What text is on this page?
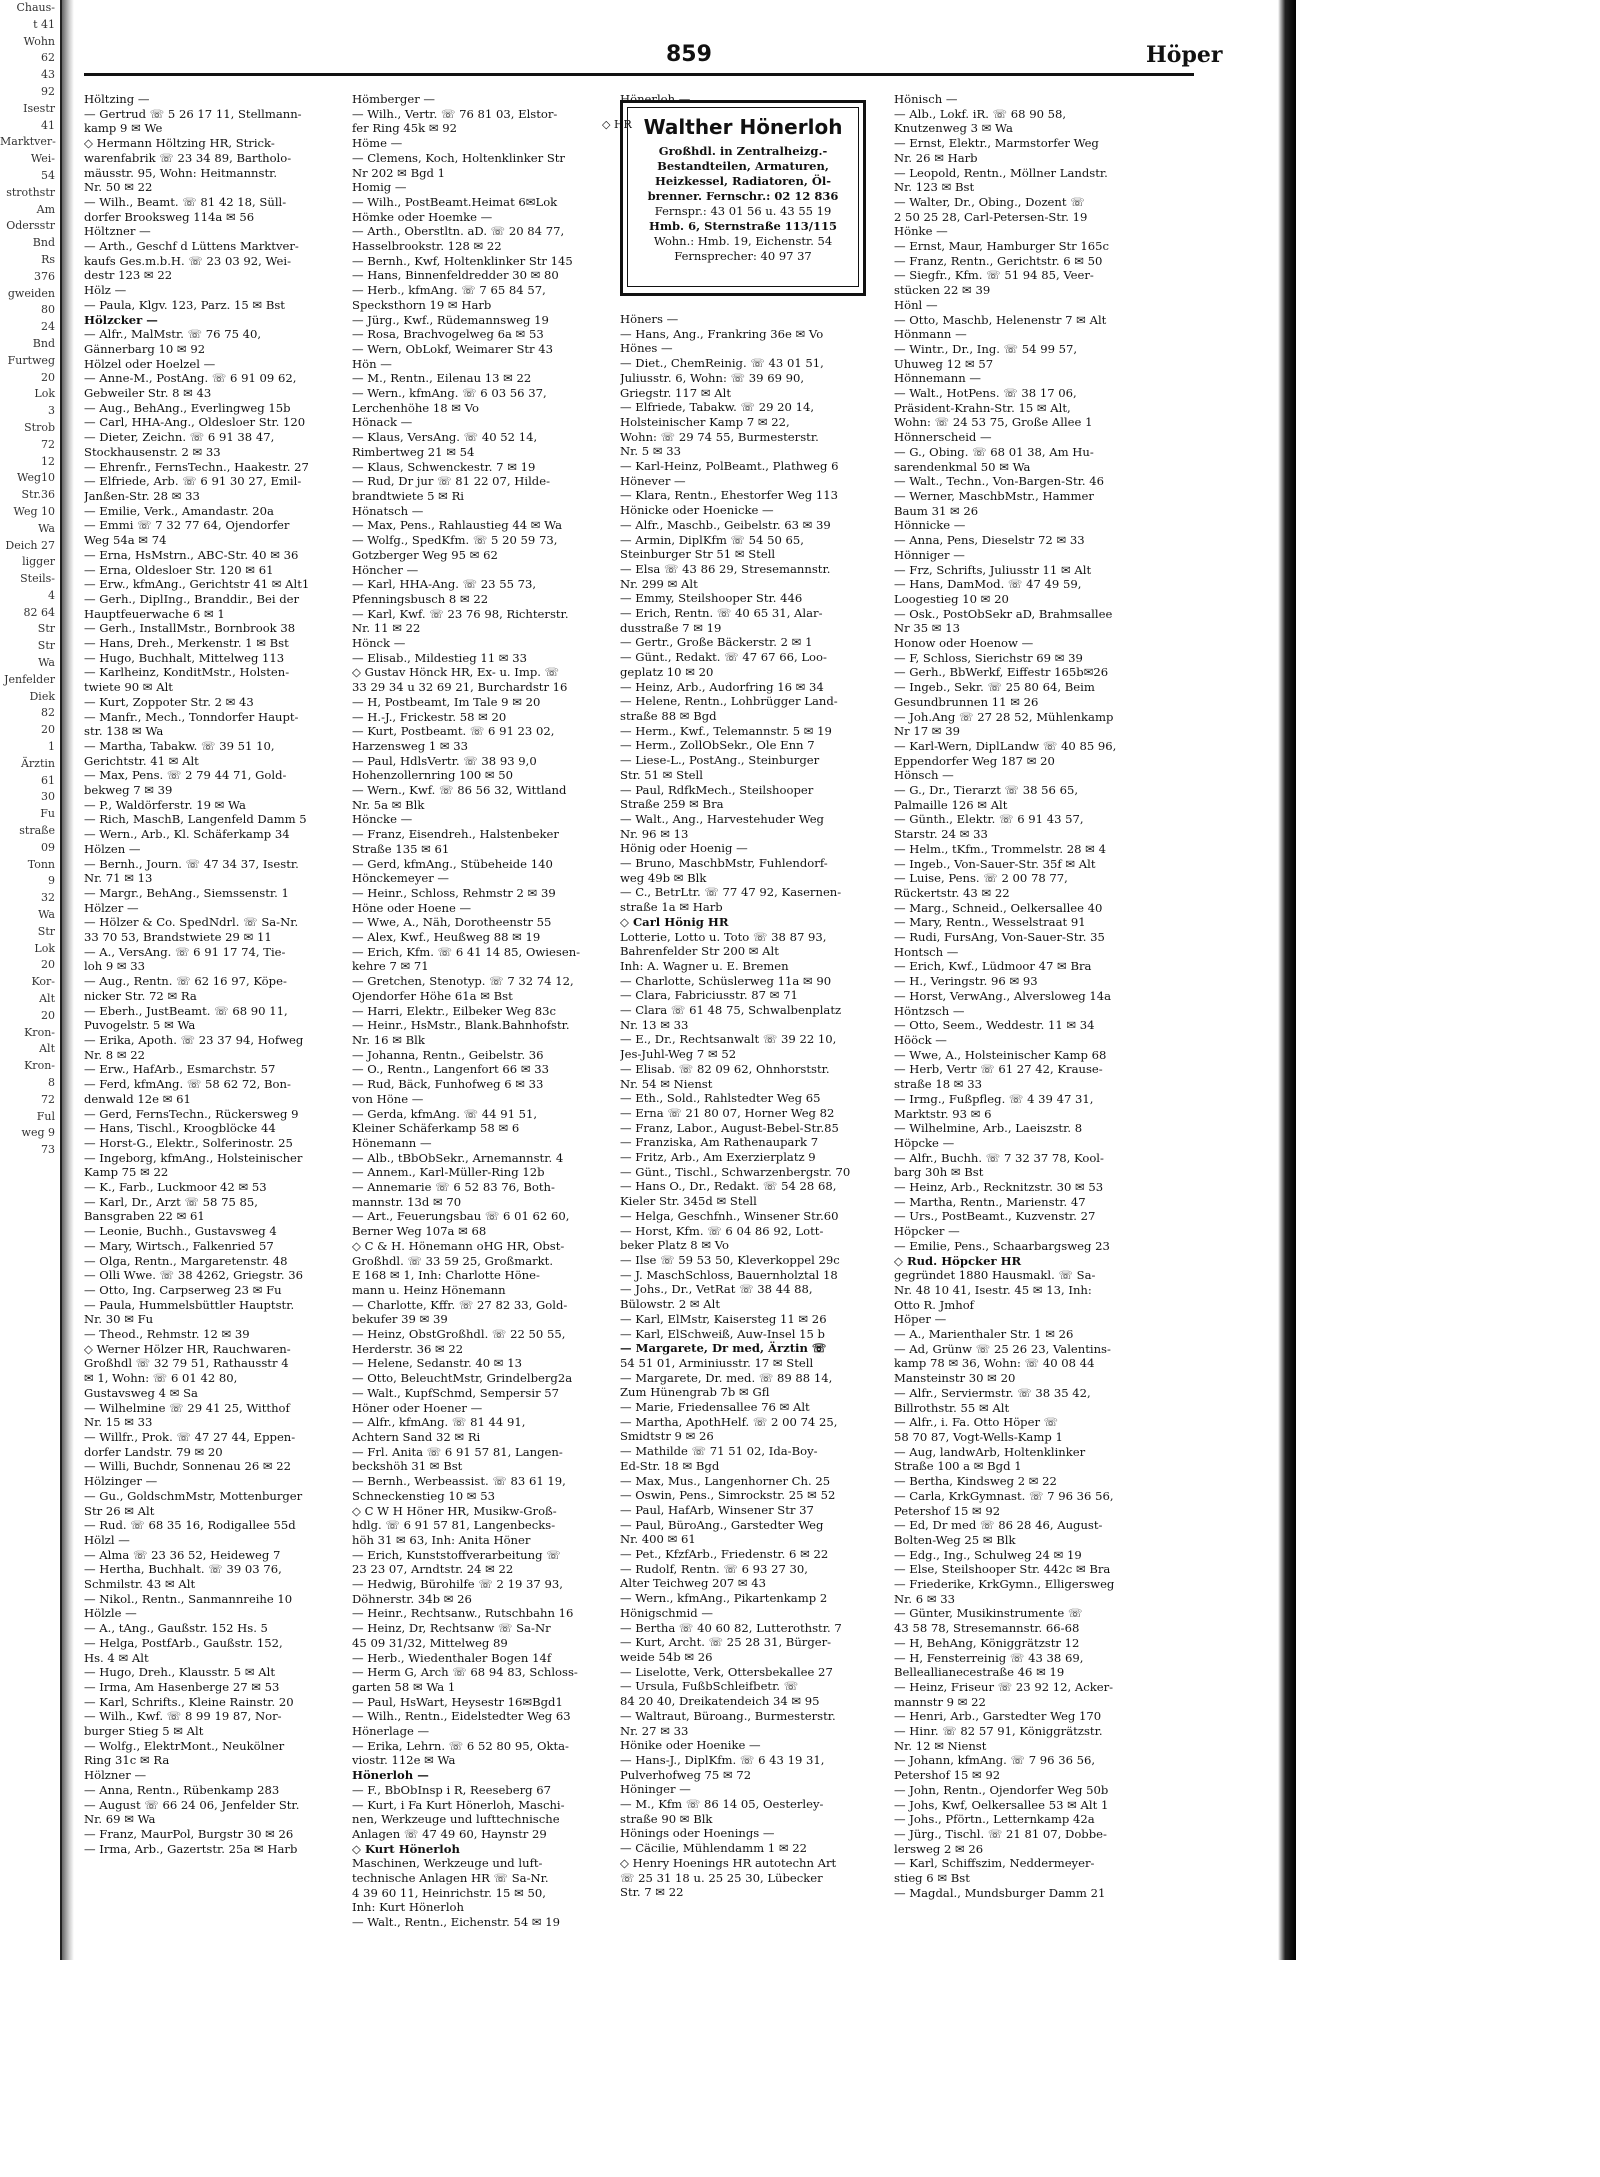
Chaus-
t 41
Wohn
62
43
92
Isestr
41
Marktver-
Wei-
54
strothstr
Am
Odersstr
Bnd
Rs
376
gweiden
80
24
Bnd
Furtweg
20
Lok
3
Strob
72
12
Weg10
Str.36
Weg 10
Wa
Deich 27
ligger
Steils-
4
82 64
Str
Str
Wa
Jenfelder
Diek
82
20
1
Ärztin
61
30
Fu
straße
09
Tonn
9
32
Wa
Str
Lok
20
Kor-
Alt
20
Kron-
Alt
Kron-
8
72
Ful
weg 9
73
859	Höper
Höltzing —
— Gertrud ☏ 5 26 17 11, Stellmann-
kamp 9 ✉ We
◇ Hermann Höltzing HR, Strick-
warenfabrik ☏ 23 34 89, Bartholo-
mäusstr. 95, Wohn: Heitmannstr.
Nr. 50 ✉ 22
— Wilh., Beamt. ☏ 81 42 18, Süll-
dorfer Brooksweg 114a ✉ 56
Höltzner —
— Arth., Geschf d Lüttens Marktver-
kaufs Ges.m.b.H. ☏ 23 03 92, Wei-
destr 123 ✉ 22
Hölz —
— Paula, Klgv. 123, Parz. 15 ✉ Bst
Hölzcker —
— Alfr., MalMstr. ☏ 76 75 40,
Gännerbarg 10 ✉ 92
Hölzel oder Hoelzel —
— Anne-M., PostAng. ☏ 6 91 09 62,
Gebweiler Str. 8 ✉ 43
— Aug., BehAng., Everlingweg 15b
— Carl, HHA-Ang., Oldesloer Str. 120
— Dieter, Zeichn. ☏ 6 91 38 47,
Stockhausenstr. 2 ✉ 33
— Ehrenfr., FernsTechn., Haakestr. 27
— Elfriede, Arb. ☏ 6 91 30 27, Emil-
Janßen-Str. 28 ✉ 33
— Emilie, Verk., Amandastr. 20a
— Emmi ☏ 7 32 77 64, Ojendorfer
Weg 54a ✉ 74
— Erna, HsMstrn., ABC-Str. 40 ✉ 36
— Erna, Oldesloer Str. 120 ✉ 61
— Erw., kfmAng., Gerichtstr 41 ✉ Alt1
— Gerh., DiplIng., Branddir., Bei der
Hauptfeuerwache 6 ✉ 1
— Gerh., InstallMstr., Bornbrook 38
— Hans, Dreh., Merkenstr. 1 ✉ Bst
— Hugo, Buchhalt, Mittelweg 113
— Karlheinz, KonditMstr., Holsten-
twiete 90 ✉ Alt
— Kurt, Zoppoter Str. 2 ✉ 43
— Manfr., Mech., Tonndorfer Haupt-
str. 138 ✉ Wa
— Martha, Tabakw. ☏ 39 51 10,
Gerichtstr. 41 ✉ Alt
— Max, Pens. ☏ 2 79 44 71, Gold-
bekweg 7 ✉ 39
— P., Waldörferstr. 19 ✉ Wa
— Rich, MaschB, Langenfeld Damm 5
— Wern., Arb., Kl. Schäferkamp 34
Hölzen —
— Bernh., Journ. ☏ 47 34 37, Isestr.
Nr. 71 ✉ 13
— Margr., BehAng., Siemssenstr. 1
Hölzer —
— Hölzer & Co. SpedNdrl. ☏ Sa-Nr.
33 70 53, Brandstwiete 29 ✉ 11
— A., VersAng. ☏ 6 91 17 74, Tie-
loh 9 ✉ 33
— Aug., Rentn. ☏ 62 16 97, Köpe-
nicker Str. 72 ✉ Ra
— Eberh., JustBeamt. ☏ 68 90 11,
Puvogelstr. 5 ✉ Wa
— Erika, Apoth. ☏ 23 37 94, Hofweg
Nr. 8 ✉ 22
— Erw., HafArb., Esmarchstr. 57
— Ferd, kfmAng. ☏ 58 62 72, Bon-
denwald 12e ✉ 61
— Gerd, FernsTechn., Rückersweg 9
— Hans, Tischl., Kroogblöcke 44
— Horst-G., Elektr., Solferinostr. 25
— Ingeborg, kfmAng., Holsteinischer
Kamp 75 ✉ 22
— K., Farb., Luckmoor 42 ✉ 53
— Karl, Dr., Arzt ☏ 58 75 85,
Bansgraben 22 ✉ 61
— Leonie, Buchh., Gustavsweg 4
— Mary, Wirtsch., Falkenried 57
— Olga, Rentn., Margaretenstr. 48
— Olli Wwe. ☏ 38 4262, Griegstr. 36
— Otto, Ing. Carpserweg 23 ✉ Fu
— Paula, Hummelsbüttler Hauptstr.
Nr. 30 ✉ Fu
— Theod., Rehmstr. 12 ✉ 39
◇ Werner Hölzer HR, Rauchwaren-
Großhdl ☏ 32 79 51, Rathausstr 4
✉ 1, Wohn: ☏ 6 01 42 80,
Gustavsweg 4 ✉ Sa
— Wilhelmine ☏ 29 41 25, Witthof
Nr. 15 ✉ 33
— Willfr., Prok. ☏ 47 27 44, Eppen-
dorfer Landstr. 79 ✉ 20
— Willi, Buchdr, Sonnenau 26 ✉ 22
Hölzinger —
— Gu., GoldschmMstr, Mottenburger
Str 26 ✉ Alt
— Rud. ☏ 68 35 16, Rodigallee 55d
Hölzl —
— Alma ☏ 23 36 52, Heideweg 7
— Hertha, Buchhalt. ☏ 39 03 76,
Schmilstr. 43 ✉ Alt
— Nikol., Rentn., Sanmannreihe 10
Hölzle —
— A., tAng., Gaußstr. 152 Hs. 5
— Helga, PostfArb., Gaußstr. 152,
Hs. 4 ✉ Alt
— Hugo, Dreh., Klausstr. 5 ✉ Alt
— Irma, Am Hasenberge 27 ✉ 53
— Karl, Schrifts., Kleine Rainstr. 20
— Wilh., Kwf. ☏ 8 99 19 87, Nor-
burger Stieg 5 ✉ Alt
— Wolfg., ElektrMont., Neukölner
Ring 31c ✉ Ra
Hölzner —
— Anna, Rentn., Rübenkamp 283
— August ☏ 66 24 06, Jenfelder Str.
Nr. 69 ✉ Wa
— Franz, MaurPol, Burgstr 30 ✉ 26
— Irma, Arb., Gazertstr. 25a ✉ Harb
Hömberger —
— Wilh., Vertr. ☏ 76 81 03, Elstor-
fer Ring 45k ✉ 92
Höme —
— Clemens, Koch, Holtenklinker Str
Nr 202 ✉ Bgd 1
Homig —
— Wilh., PostBeamt.Heimat 6✉Lok
Hömke oder Hoemke —
— Arth., Oberstltn. aD. ☏ 20 84 77,
Hasselbrookstr. 128 ✉ 22
— Bernh., Kwf, Holtenklinker Str 145
— Hans, Binnenfeldredder 30 ✉ 80
— Herb., kfmAng. ☏ 7 65 84 57,
Specksthorn 19 ✉ Harb
— Jürg., Kwf., Rüdemannsweg 19
— Rosa, Brachvogelweg 6a ✉ 53
— Wern, ObLokf, Weimarer Str 43
Hön —
— M., Rentn., Eilenau 13 ✉ 22
— Wern., kfmAng. ☏ 6 03 56 37,
Lerchenhöhe 18 ✉ Vo
Hönack —
— Klaus, VersAng. ☏ 40 52 14,
Rimbertweg 21 ✉ 54
— Klaus, Schwenckestr. 7 ✉ 19
— Rud, Dr jur ☏ 81 22 07, Hilde-
brandtwiete 5 ✉ Ri
Hönatsch —
— Max, Pens., Rahlaustieg 44 ✉ Wa
— Wolfg., SpedKfm. ☏ 5 20 59 73,
Gotzberger Weg 95 ✉ 62
Höncher —
— Karl, HHA-Ang. ☏ 23 55 73,
Pfenningsbusch 8 ✉ 22
— Karl, Kwf. ☏ 23 76 98, Richterstr.
Nr. 11 ✉ 22
Hönck —
— Elisab., Mildestieg 11 ✉ 33
◇ Gustav Hönck HR, Ex- u. Imp. ☏
33 29 34 u 32 69 21, Burchardstr 16
— H, Postbeamt, Im Tale 9 ✉ 20
— H.-J., Frickestr. 58 ✉ 20
— Kurt, Postbeamt. ☏ 6 91 23 02,
Harzensweg 1 ✉ 33
— Paul, HdlsVertr. ☏ 38 93 9,0
Hohenzollernring 100 ✉ 50
— Wern., Kwf. ☏ 86 56 32, Wittland
Nr. 5a ✉ Blk
Höncke —
— Franz, Eisendreh., Halstenbeker
Straße 135 ✉ 61
— Gerd, kfmAng., Stübeheide 140
Hönckemeyer —
— Heinr., Schloss, Rehmstr 2 ✉ 39
Höne oder Hoene —
— Wwe, A., Näh, Dorotheenstr 55
— Alex, Kwf., Heußweg 88 ✉ 19
— Erich, Kfm. ☏ 6 41 14 85, Owiesen-
kehre 7 ✉ 71
— Gretchen, Stenotyp. ☏ 7 32 74 12,
Ojendorfer Höhe 61a ✉ Bst
— Harri, Elektr., Eilbeker Weg 83c
— Heinr., HsMstr., Blank.Bahnhofstr.
Nr. 16 ✉ Blk
— Johanna, Rentn., Geibelstr. 36
— O., Rentn., Langenfort 66 ✉ 33
— Rud, Bäck, Funhofweg 6 ✉ 33
von Höne —
— Gerda, kfmAng. ☏ 44 91 51,
Kleiner Schäferkamp 58 ✉ 6
Hönemann —
— Alb., tBbObSekr., Arnemannstr. 4
— Annem., Karl-Müller-Ring 12b
— Annemarie ☏ 6 52 83 76, Both-
mannstr. 13d ✉ 70
— Art., Feuerungsbau ☏ 6 01 62 60,
Berner Weg 107a ✉ 68
◇ C & H. Hönemann oHG HR, Obst-
Großhdl. ☏ 33 59 25, Großmarkt.
E 168 ✉ 1, Inh: Charlotte Höne-
mann u. Heinz Hönemann
— Charlotte, Kffr. ☏ 27 82 33, Gold-
bekufer 39 ✉ 39
— Heinz, ObstGroßhdl. ☏ 22 50 55,
Herderstr. 36 ✉ 22
— Helene, Sedanstr. 40 ✉ 13
— Otto, BeleuchtMstr, Grindelberg2a
— Walt., KupfSchmd, Sempersir 57
Höner oder Hoener —
— Alfr., kfmAng. ☏ 81 44 91,
Achtern Sand 32 ✉ Ri
— Frl. Anita ☏ 6 91 57 81, Langen-
beckshöh 31 ✉ Bst
— Bernh., Werbeassist. ☏ 83 61 19,
Schneckenstieg 10 ✉ 53
◇ C W H Höner HR, Musikw-Groß-
hdlg. ☏ 6 91 57 81, Langenbecks-
höh 31 ✉ 63, Inh: Anita Höner
— Erich, Kunststoffverarbeitung ☏
23 23 07, Arndtstr. 24 ✉ 22
— Hedwig, Bürohilfe ☏ 2 19 37 93,
Döhnerstr. 34b ✉ 26
— Heinr., Rechtsanw., Rutschbahn 16
— Heinz, Dr, Rechtsanw ☏ Sa-Nr
45 09 31/32, Mittelweg 89
— Herb., Wiedenthaler Bogen 14f
— Herm G, Arch ☏ 68 94 83, Schloss-
garten 58 ✉ Wa 1
— Paul, HsWart, Heysestr 16✉Bgd1
— Wilh., Rentn., Eidelstedter Weg 63
Hönerlage —
— Erika, Lehrn. ☏ 6 52 80 95, Okta-
viostr. 112e ✉ Wa
Hönerloh —
— F., BbObInsp i R, Reeseberg 67
— Kurt, i Fa Kurt Hönerloh, Maschi-
nen, Werkzeuge und lufttechnische
Anlagen ☏ 47 49 60, Haynstr 29
◇ Kurt Hönerloh
Maschinen, Werkzeuge und luft-
technische Anlagen HR ☏ Sa-Nr.
4 39 60 11, Heinrichstr. 15 ✉ 50,
Inh: Kurt Hönerloh
— Walt., Rentn., Eichenstr. 54 ✉ 19
Hönerloh —
Walther Hönerloh
Großhdl. in Zentralheizg.-
Bestandteilen, Armaturen,
Heizkessel, Radiatoren, Öl-
brenner. Fernschr.: 02 12 836
Fernspr.: 43 01 56 u. 43 55 19
Hmb. 6, Sternstraße 113/115
Wohn.: Hmb. 19, Eichenstr. 54
Fernsprecher: 40 97 37
Höners —
— Hans, Ang., Frankring 36e ✉ Vo
Hönes —
— Diet., ChemReinig. ☏ 43 01 51,
Juliusstr. 6, Wohn: ☏ 39 69 90,
Griegstr. 117 ✉ Alt
— Elfriede, Tabakw. ☏ 29 20 14,
Holsteinischer Kamp 7 ✉ 22,
Wohn: ☏ 29 74 55, Burmesterstr.
Nr. 5 ✉ 33
— Karl-Heinz, PolBeamt., Plathweg 6
Hönever —
— Klara, Rentn., Ehestorfer Weg 113
Hönicke oder Hoenicke —
— Alfr., Maschb., Geibelstr. 63 ✉ 39
— Armin, DiplKfm ☏ 54 50 65,
Steinburger Str 51 ✉ Stell
— Elsa ☏ 43 86 29, Stresemannstr.
Nr. 299 ✉ Alt
— Emmy, Steilshooper Str. 446
— Erich, Rentn. ☏ 40 65 31, Alar-
dusstraße 7 ✉ 19
— Gertr., Große Bäckerstr. 2 ✉ 1
— Günt., Redakt. ☏ 47 67 66, Loo-
geplatz 10 ✉ 20
— Heinz, Arb., Audorfring 16 ✉ 34
— Helene, Rentn., Lohbrügger Land-
straße 88 ✉ Bgd
— Herm., Kwf., Telemannstr. 5 ✉ 19
— Herm., ZollObSekr., Ole Enn 7
— Liese-L., PostAng., Steinburger
Str. 51 ✉ Stell
— Paul, RdfkMech., Steilshooper
Straße 259 ✉ Bra
— Walt., Ang., Harvestehuder Weg
Nr. 96 ✉ 13
Hönig oder Hoenig —
— Bruno, MaschbMstr, Fuhlendorf-
weg 49b ✉ Blk
— C., BetrLtr. ☏ 77 47 92, Kasernen-
straße 1a ✉ Harb
◇ Carl Hönig HR
Lotterie, Lotto u. Toto ☏ 38 87 93,
Bahrenfelder Str 200 ✉ Alt
Inh: A. Wagner u. E. Bremen
— Charlotte, Schüslerweg 11a ✉ 90
— Clara, Fabriciusstr. 87 ✉ 71
— Clara ☏ 61 48 75, Schwalbenplatz
Nr. 13 ✉ 33
— E., Dr., Rechtsanwalt ☏ 39 22 10,
Jes-Juhl-Weg 7 ✉ 52
— Elisab. ☏ 82 09 62, Ohnhorststr.
Nr. 54 ✉ Nienst
— Eth., Sold., Rahlstedter Weg 65
— Erna ☏ 21 80 07, Horner Weg 82
— Franz, Labor., August-Bebel-Str.85
— Franziska, Am Rathenaupark 7
— Fritz, Arb., Am Exerzierplatz 9
— Günt., Tischl., Schwarzenbergstr. 70
— Hans O., Dr., Redakt. ☏ 54 28 68,
Kieler Str. 345d ✉ Stell
— Helga, Geschfnh., Winsener Str.60
— Horst, Kfm. ☏ 6 04 86 92, Lott-
beker Platz 8 ✉ Vo
— Ilse ☏ 59 53 50, Kleverkoppel 29c
— J. MaschSchloss, Bauernholztal 18
— Johs., Dr., VetRat ☏ 38 44 88,
Bülowstr. 2 ✉ Alt
— Karl, ElMstr, Kaisersteg 11 ✉ 26
— Karl, ElSchweiß, Auw-Insel 15 b
— Margarete, Dr med, Ärztin ☏
54 51 01, Arminiusstr. 17 ✉ Stell
— Margarete, Dr. med. ☏ 89 88 14,
Zum Hünengrab 7b ✉ Gfl
— Marie, Friedensallee 76 ✉ Alt
— Martha, ApothHelf. ☏ 2 00 74 25,
Smidtstr 9 ✉ 26
— Mathilde ☏ 71 51 02, Ida-Boy-
Ed-Str. 18 ✉ Bgd
— Max, Mus., Langenhorner Ch. 25
— Oswin, Pens., Simrockstr. 25 ✉ 52
— Paul, HafArb, Winsener Str 37
— Paul, BüroAng., Garstedter Weg
Nr. 400 ✉ 61
— Pet., KfzfArb., Friedenstr. 6 ✉ 22
— Rudolf, Rentn. ☏ 6 93 27 30,
Alter Teichweg 207 ✉ 43
— Wern., kfmAng., Pikartenkamp 2
Hönigschmid —
— Bertha ☏ 40 60 82, Lutterothstr. 7
— Kurt, Archt. ☏ 25 28 31, Bürger-
weide 54b ✉ 26
— Liselotte, Verk, Ottersbekallee 27
— Ursula, FußbSchleifbetr. ☏
84 20 40, Dreikatendeich 34 ✉ 95
— Waltraut, Büroang., Burmesterstr.
Nr. 27 ✉ 33
Hönike oder Hoenike —
— Hans-J., DiplKfm. ☏ 6 43 19 31,
Pulverhofweg 75 ✉ 72
Höninger —
— M., Kfm ☏ 86 14 05, Oesterley-
straße 90 ✉ Blk
Hönings oder Hoenings —
— Cäcilie, Mühlendamm 1 ✉ 22
◇ Henry Hoenings HR autotechn Art
☏ 25 31 18 u. 25 25 30, Lübecker
Str. 7 ✉ 22
◇ HR
Hönisch —
— Alb., Lokf. iR. ☏ 68 90 58,
Knutzenweg 3 ✉ Wa
— Ernst, Elektr., Marmstorfer Weg
Nr. 26 ✉ Harb
— Leopold, Rentn., Möllner Landstr.
Nr. 123 ✉ Bst
— Walter, Dr., Obing., Dozent ☏
2 50 25 28, Carl-Petersen-Str. 19
Hönke —
— Ernst, Maur, Hamburger Str 165c
— Franz, Rentn., Gerichtstr. 6 ✉ 50
— Siegfr., Kfm. ☏ 51 94 85, Veer-
stücken 22 ✉ 39
Hönl —
— Otto, Maschb, Helenenstr 7 ✉ Alt
Hönmann —
— Wintr., Dr., Ing. ☏ 54 99 57,
Uhuweg 12 ✉ 57
Hönnemann —
— Walt., HotPens. ☏ 38 17 06,
Präsident-Krahn-Str. 15 ✉ Alt,
Wohn: ☏ 24 53 75, Große Allee 1
Hönnerscheid —
— G., Obing. ☏ 68 01 38, Am Hu-
sarendenkmal 50 ✉ Wa
— Walt., Techn., Von-Bargen-Str. 46
— Werner, MaschbMstr., Hammer
Baum 31 ✉ 26
Hönnicke —
— Anna, Pens, Dieselstr 72 ✉ 33
Hönniger —
— Frz, Schrifts, Juliusstr 11 ✉ Alt
— Hans, DamMod. ☏ 47 49 59,
Loogestieg 10 ✉ 20
— Osk., PostObSekr aD, Brahmsallee
Nr 35 ✉ 13
Honow oder Hoenow —
— F, Schloss, Sierichstr 69 ✉ 39
— Gerh., BbWerkf, Eiffestr 165b✉26
— Ingeb., Sekr. ☏ 25 80 64, Beim
Gesundbrunnen 11 ✉ 26
— Joh.Ang ☏ 27 28 52, Mühlenkamp
Nr 17 ✉ 39
— Karl-Wern, DiplLandw ☏ 40 85 96,
Eppendorfer Weg 187 ✉ 20
Hönsch —
— G., Dr., Tierarzt ☏ 38 56 65,
Palmaille 126 ✉ Alt
— Günth., Elektr. ☏ 6 91 43 57,
Starstr. 24 ✉ 33
— Helm., tKfm., Trommelstr. 28 ✉ 4
— Ingeb., Von-Sauer-Str. 35f ✉ Alt
— Luise, Pens. ☏ 2 00 78 77,
Rückertstr. 43 ✉ 22
— Marg., Schneid., Oelkersallee 40
— Mary, Rentn., Wesselstraat 91
— Rudi, FursAng, Von-Sauer-Str. 35
Hontsch —
— Erich, Kwf., Lüdmoor 47 ✉ Bra
— H., Veringstr. 96 ✉ 93
— Horst, VerwAng., Alversloweg 14a
Höntzsch —
— Otto, Seem., Weddestr. 11 ✉ 34
Hööck —
— Wwe, A., Holsteinischer Kamp 68
— Herb, Vertr ☏ 61 27 42, Krause-
straße 18 ✉ 33
— Irmg., Fußpfleg. ☏ 4 39 47 31,
Marktstr. 93 ✉ 6
— Wilhelmine, Arb., Laeiszstr. 8
Höpcke —
— Alfr., Buchh. ☏ 7 32 37 78, Kool-
barg 30h ✉ Bst
— Heinz, Arb., Recknitzstr. 30 ✉ 53
— Martha, Rentn., Marienstr. 47
— Urs., PostBeamt., Kuzvenstr. 27
Höpcker —
— Emilie, Pens., Schaarbargsweg 23
◇ Rud. Höpcker HR
gegründet 1880 Hausmakl. ☏ Sa-
Nr. 48 10 41, Isestr. 45 ✉ 13, Inh:
Otto R. Jmhof
Höper —
— A., Marienthaler Str. 1 ✉ 26
— Ad, Grünw ☏ 25 26 23, Valentins-
kamp 78 ✉ 36, Wohn: ☏ 40 08 44
Mansteinstr 30 ✉ 20
— Alfr., Serviermstr. ☏ 38 35 42,
Billrothstr. 55 ✉ Alt
— Alfr., i. Fa. Otto Höper ☏
58 70 87, Vogt-Wells-Kamp 1
— Aug, landwArb, Holtenklinker
Straße 100 a ✉ Bgd 1
— Bertha, Kindsweg 2 ✉ 22
— Carla, KrkGymnast. ☏ 7 96 36 56,
Petershof 15 ✉ 92
— Ed, Dr med ☏ 86 28 46, August-
Bolten-Weg 25 ✉ Blk
— Edg., Ing., Schulweg 24 ✉ 19
— Else, Steilshooper Str. 442c ✉ Bra
— Friederike, KrkGymn., Elligersweg
Nr. 6 ✉ 33
— Günter, Musikinstrumente ☏
43 58 78, Stresemannstr. 66-68
— H, BehAng, Königgrätzstr 12
— H, Fensterreinig ☏ 43 38 69,
Belleallianecestraße 46 ✉ 19
— Heinz, Friseur ☏ 23 92 12, Acker-
mannstr 9 ✉ 22
— Henri, Arb., Garstedter Weg 170
— Hinr. ☏ 82 57 91, Königgrätzstr.
Nr. 12 ✉ Nienst
— Johann, kfmAng. ☏ 7 96 36 56,
Petershof 15 ✉ 92
— John, Rentn., Ojendorfer Weg 50b
— Johs, Kwf, Oelkersallee 53 ✉ Alt 1
— Johs., Pförtn., Letternkamp 42a
— Jürg., Tischl. ☏ 21 81 07, Dobbe-
lersweg 2 ✉ 26
— Karl, Schiffszim, Neddermeyer-
stieg 6 ✉ Bst
— Magdal., Mundsburger Damm 21
